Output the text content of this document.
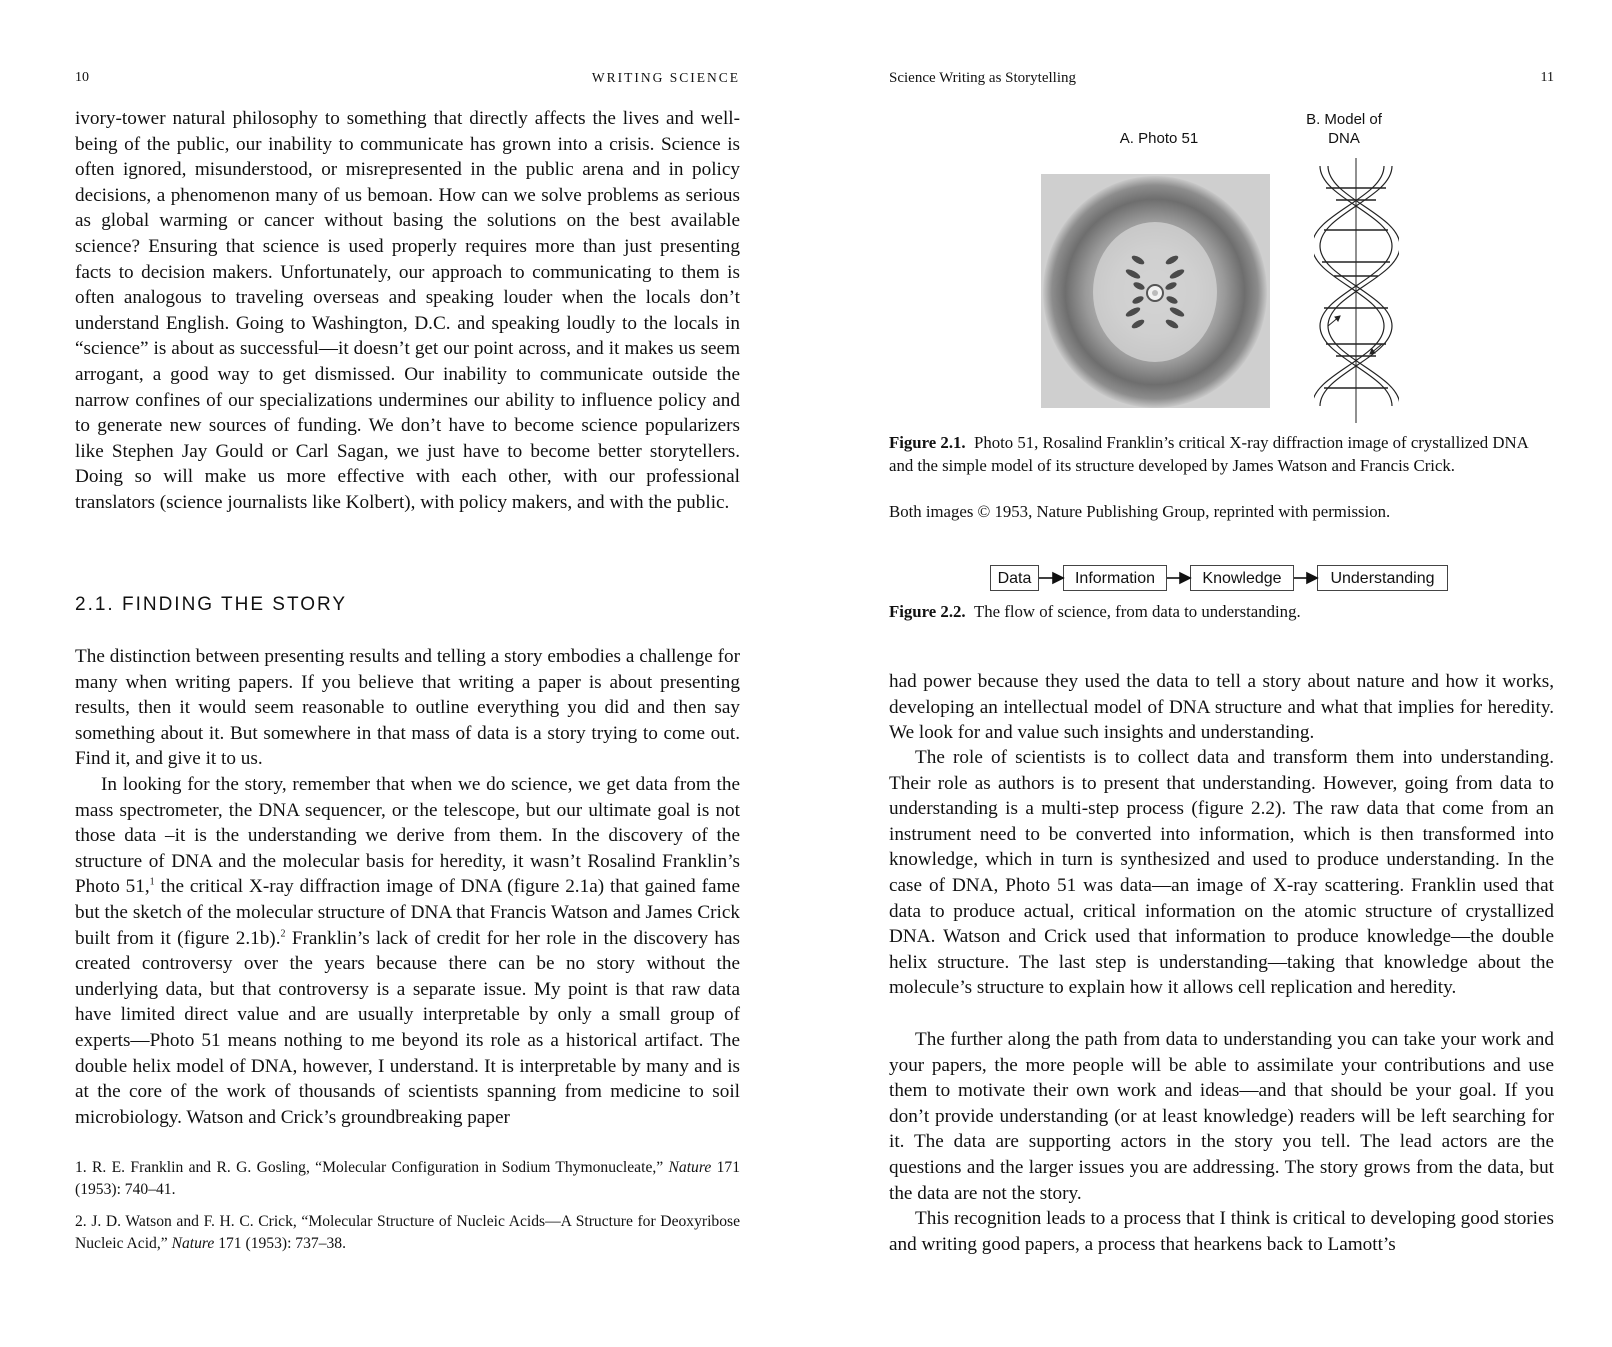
10	WRITING SCIENCE

ivory-tower natural philosophy to something that directly affects the lives and well-being of the public, our inability to communicate has grown into a crisis. Science is often ignored, misunderstood, or misrepresented in the public arena and in policy decisions, a phenomenon many of us bemoan. How can we solve problems as serious as global warming or cancer without basing the solutions on the best available science? Ensuring that science is used properly requires more than just presenting facts to decision makers. Unfortunately, our approach to communicating to them is often analogous to traveling overseas and speaking louder when the locals don’t understand English. Going to Washington, D.C. and speaking loudly to the locals in “science” is about as successful—it doesn’t get our point across, and it makes us seem arrogant, a good way to get dismissed. Our inability to communicate outside the narrow confines of our specializations undermines our ability to influence policy and to generate new sources of funding. We don’t have to become science popularizers like Stephen Jay Gould or Carl Sagan, we just have to become better storytellers. Doing so will make us more effective with each other, with our professional translators (science journalists like Kolbert), with policy makers, and with the public.

2.1. FINDING THE STORY

The distinction between presenting results and telling a story embodies a challenge for many when writing papers. If you believe that writing a paper is about presenting results, then it would seem reasonable to outline everything you did and then say something about it. But somewhere in that mass of data is a story trying to come out. Find it, and give it to us.

In looking for the story, remember that when we do science, we get data from the mass spectrometer, the DNA sequencer, or the telescope, but our ultimate goal is not those data –it is the understanding we derive from them. In the discovery of the structure of DNA and the molecular basis for heredity, it wasn’t Rosalind Franklin’s Photo 51,$^1$ the critical X-ray diffraction image of DNA (figure 2.1a) that gained fame but the sketch of the molecular structure of DNA that Francis Watson and James Crick built from it (figure 2.1b).$^2$ Franklin’s lack of credit for her role in the discovery has created controversy over the years because there can be no story without the underlying data, but that controversy is a separate issue. My point is that raw data have limited direct value and are usually interpretable by only a small group of experts—Photo 51 means nothing to me beyond its role as a historical artifact. The double helix model of DNA, however, I understand. It is interpretable by many and is at the core of the work of thousands of scientists spanning from medicine to soil microbiology. Watson and Crick’s groundbreaking paper

1. R. E. Franklin and R. G. Gosling, “Molecular Configuration in Sodium Thymonucleate,” Nature 171 (1953): 740–41.

2. J. D. Watson and F. H. C. Crick, “Molecular Structure of Nucleic Acids—A Structure for Deoxyribose Nucleic Acid,” Nature 171 (1953): 737–38.

Science Writing as Storytelling	11
A. Photo 51
B. Model of
DNA

Figure 2.1. Photo 51, Rosalind Franklin’s critical X-ray diffraction image of crystallized DNA and the simple model of its structure developed by James Watson and Francis Crick.

Both images © 1953, Nature Publishing Group, reprinted with permission.

Data	Information	Knowledge	Understanding

Figure 2.2. The flow of science, from data to understanding.

had power because they used the data to tell a story about nature and how it works, developing an intellectual model of DNA structure and what that implies for heredity. We look for and value such insights and understanding.

The role of scientists is to collect data and transform them into understanding. Their role as authors is to present that understanding. However, going from data to understanding is a multi-step process (figure 2.2). The raw data that come from an instrument need to be converted into information, which is then transformed into knowledge, which in turn is synthesized and used to produce understanding. In the case of DNA, Photo 51 was data—an image of X-ray scattering. Franklin used that data to produce actual, critical information on the atomic structure of crystallized DNA. Watson and Crick used that information to produce knowledge—the double helix structure. The last step is understanding—taking that knowledge about the molecule’s structure to explain how it allows cell replication and heredity.

The further along the path from data to understanding you can take your work and your papers, the more people will be able to assimilate your contributions and use them to motivate their own work and ideas—and that should be your goal. If you don’t provide understanding (or at least knowledge) readers will be left searching for it. The data are supporting actors in the story you tell. The lead actors are the questions and the larger issues you are addressing. The story grows from the data, but the data are not the story.

This recognition leads to a process that I think is critical to developing good stories and writing good papers, a process that hearkens back to Lamott’s
